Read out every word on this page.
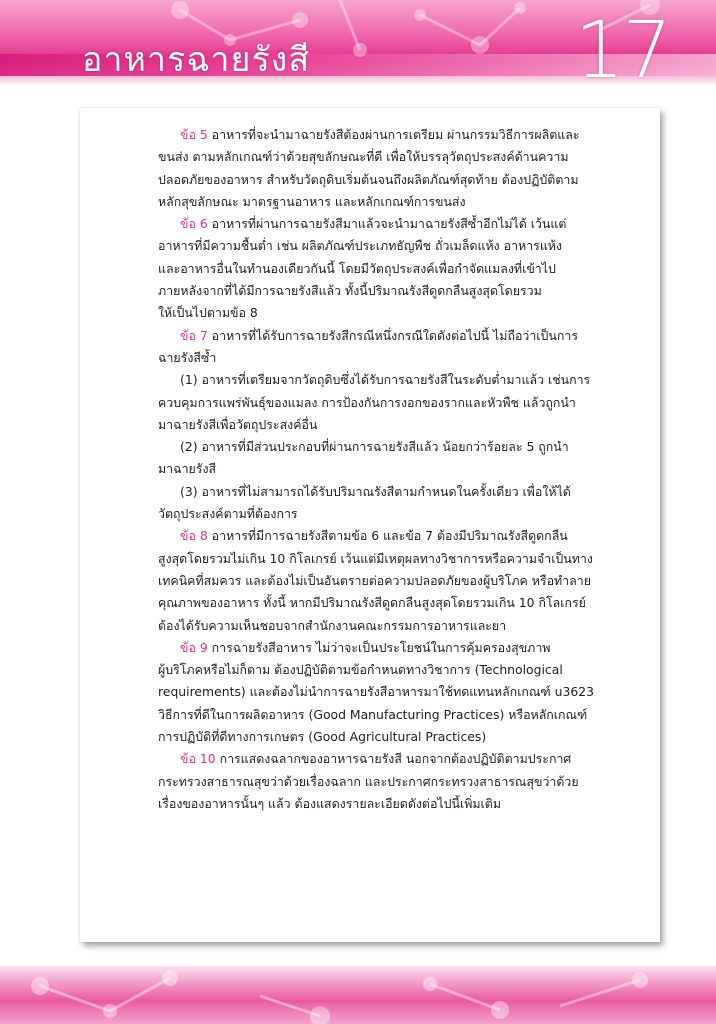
อาหารฉายรังสี	17
ข้อ 5 อาหารที่จะนำมาฉายรังสีต้องผ่านการเตรียม ผ่านกรรมวิธีการผลิตและ
ขนส่ง ตามหลักเกณฑ์ว่าด้วยสุขลักษณะที่ดี เพื่อให้บรรลุวัตถุประสงค์ด้านความ
ปลอดภัยของอาหาร สำหรับวัตถุดิบเริ่มต้นจนถึงผลิตภัณฑ์สุดท้าย ต้องปฏิบัติตาม
หลักสุขลักษณะ มาตรฐานอาหาร และหลักเกณฑ์การขนส่ง
ข้อ 6 อาหารที่ผ่านการฉายรังสีมาแล้วจะนำมาฉายรังสีซ้ำอีกไม่ได้ เว้นแต่
อาหารที่มีความชื้นต่ำ เช่น ผลิตภัณฑ์ประเภทธัญพืช ถั่วเมล็ดแห้ง อาหารแห้ง
และอาหารอื่นในทำนองเดียวกันนี้ โดยมีวัตถุประสงค์เพื่อกำจัดแมลงที่เข้าไป
ภายหลังจากที่ได้มีการฉายรังสีแล้ว ทั้งนี้ปริมาณรังสีดูดกลืนสูงสุดโดยรวม
ให้เป็นไปตามข้อ 8
ข้อ 7 อาหารที่ได้รับการฉายรังสีกรณีหนึ่งกรณีใดดังต่อไปนี้ ไม่ถือว่าเป็นการ
ฉายรังสีซ้ำ
(1) อาหารที่เตรียมจากวัตถุดิบซึ่งได้รับการฉายรังสีในระดับต่ำมาแล้ว เช่นการ
ควบคุมการแพร่พันธุ์ของแมลง การป้องกันการงอกของรากและหัวพืช แล้วถูกนำ
มาฉายรังสีเพื่อวัตถุประสงค์อื่น
(2) อาหารที่มีส่วนประกอบที่ผ่านการฉายรังสีแล้ว น้อยกว่าร้อยละ 5 ถูกนำ
มาฉายรังสี
(3) อาหารที่ไม่สามารถได้รับปริมาณรังสีตามกำหนดในครั้งเดียว เพื่อให้ได้
วัตถุประสงค์ตามที่ต้องการ
ข้อ 8 อาหารที่มีการฉายรังสีตามข้อ 6 และข้อ 7 ต้องมีปริมาณรังสีดูดกลืน
สูงสุดโดยรวมไม่เกิน 10 กิโลเกรย์ เว้นแต่มีเหตุผลทางวิชาการหรือความจำเป็นทาง
เทคนิคที่สมควร และต้องไม่เป็นอันตรายต่อความปลอดภัยของผู้บริโภค หรือทำลาย
คุณภาพของอาหาร ทั้งนี้ หากมีปริมาณรังสีดูดกลืนสูงสุดโดยรวมเกิน 10 กิโลเกรย์
ต้องได้รับความเห็นชอบจากสำนักงานคณะกรรมการอาหารและยา
ข้อ 9 การฉายรังสีอาหาร ไม่ว่าจะเป็นประโยชน์ในการคุ้มครองสุขภาพ
ผู้บริโภคหรือไม่ก็ตาม ต้องปฏิบัติตามข้อกำหนดทางวิชาการ (Technological
requirements) และต้องไม่นำการฉายรังสีอาหารมาใช้ทดแทนหลักเกณฑ์ u3623
วิธีการที่ดีในการผลิตอาหาร (Good Manufacturing Practices) หรือหลักเกณฑ์
การปฏิบัติที่ดีทางการเกษตร (Good Agricultural Practices)
ข้อ 10 การแสดงฉลากของอาหารฉายรังสี นอกจากต้องปฏิบัติตามประกาศ
กระทรวงสาธารณสุขว่าด้วยเรื่องฉลาก และประกาศกระทรวงสาธารณสุขว่าด้วย
เรื่องของอาหารนั้นๆ แล้ว ต้องแสดงรายละเอียดดังต่อไปนี้เพิ่มเติม
